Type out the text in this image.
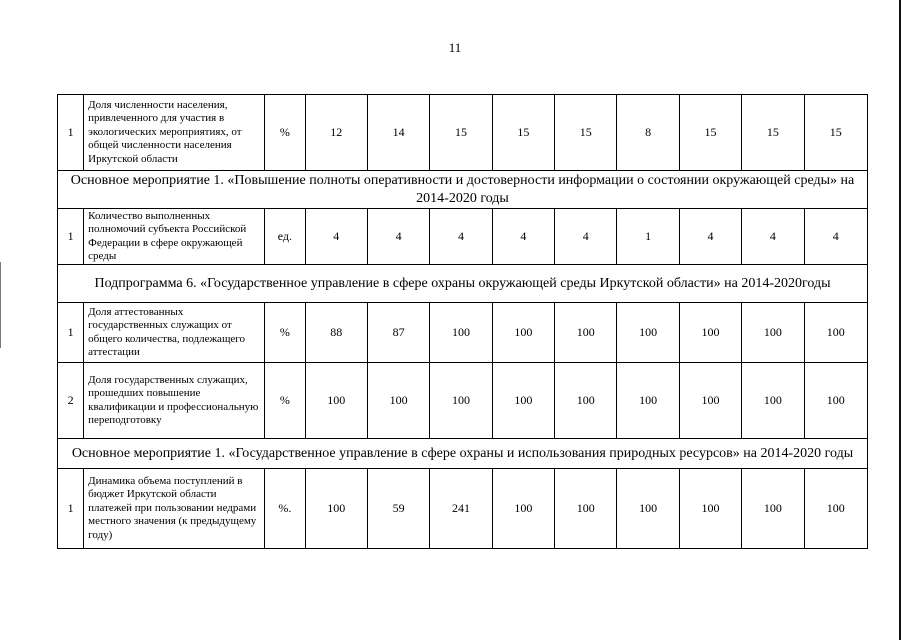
11
1	Доля численности населения, привлеченного для участия в экологических мероприятиях, от общей численности населения Иркутской области	%	12	14	15	15	15	8	15	15	15
Основное мероприятие 1. «Повышение полноты оперативности и достоверности информации о состоянии окружающей среды» на 2014-2020 годы											
1	Количество выполненных полномочий субъекта Российской Федерации в сфере окружающей среды	ед.	4	4	4	4	4	1	4	4	4
Подпрограмма 6. «Государственное управление в сфере охраны окружающей среды Иркутской области» на 2014-2020годы											
1	Доля аттестованных государственных служащих от общего количества, подлежащего аттестации	%	88	87	100	100	100	100	100	100	100
2	Доля государственных служащих, прошедших повышение квалификации и профессиональную переподготовку	%	100	100	100	100	100	100	100	100	100
Основное мероприятие 1. «Государственное управление в сфере охраны и использования природных ресурсов» на 2014-2020 годы											
1	Динамика объема поступлений в бюджет Иркутской области платежей при пользовании недрами местного значения (к предыдущему году)	%.	100	59	241	100	100	100	100	100	100
